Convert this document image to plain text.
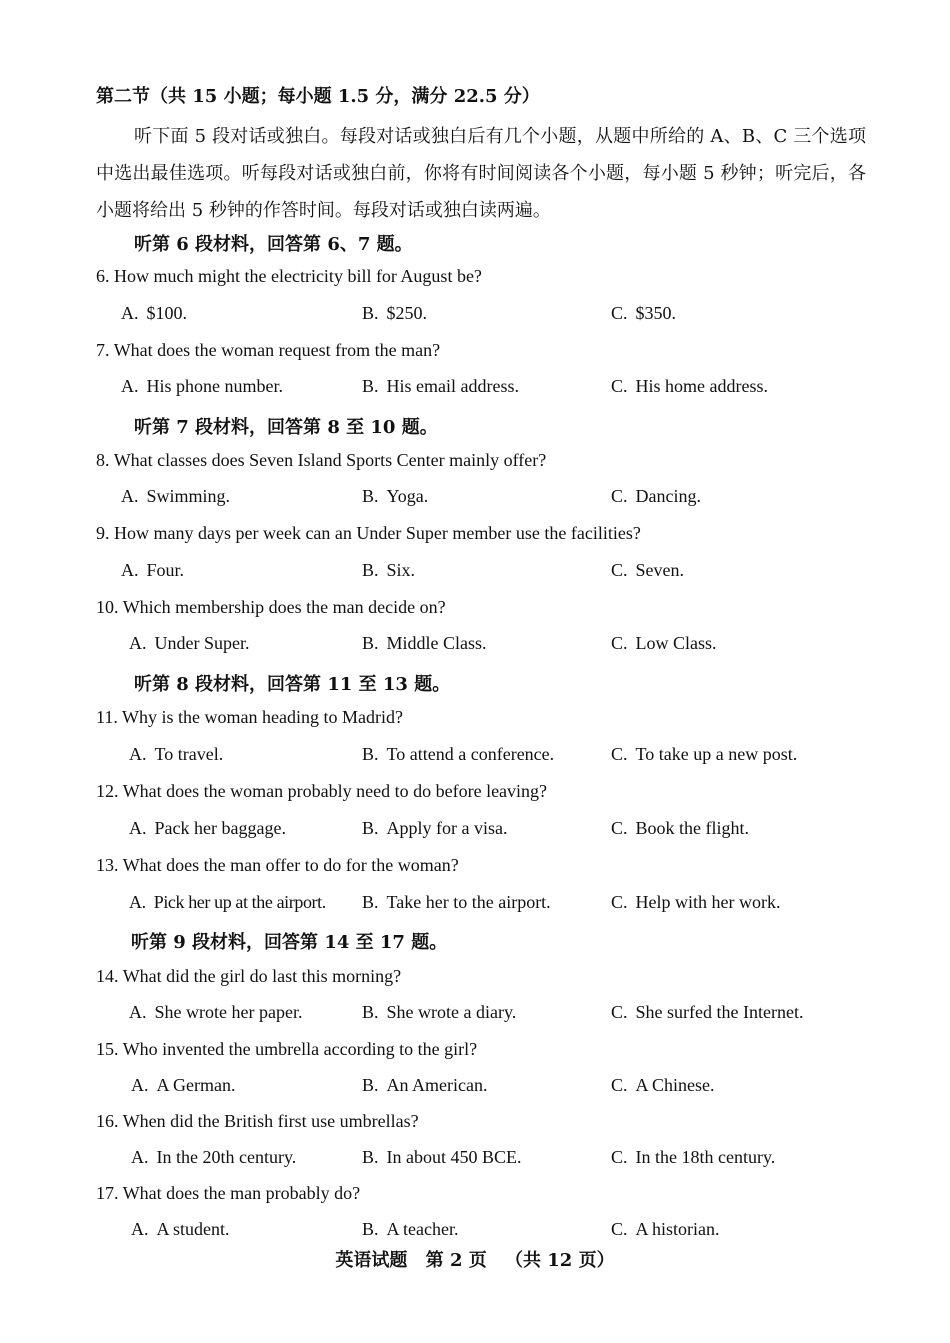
第二节（共 15 小题；每小题 1.5 分，满分 22.5 分）
听下面 5 段对话或独白。每段对话或独白后有几个小题，从题中所给的 A、B、C 三个选项中选出最佳选项。听每段对话或独白前，你将有时间阅读各个小题，每小题 5 秒钟；听完后，各小题将给出 5 秒钟的作答时间。每段对话或独白读两遍。
听第 6 段材料，回答第 6、7 题。
6. How much might the electricity bill for August be?
A. $100.	B. $250.	C. $350.
7. What does the woman request from the man?
A. His phone number.	B. His email address.	C. His home address.
听第 7 段材料，回答第 8 至 10 题。
8. What classes does Seven Island Sports Center mainly offer?
A. Swimming.	B. Yoga.	C. Dancing.
9. How many days per week can an Under Super member use the facilities?
A. Four.	B. Six.	C. Seven.
10. Which membership does the man decide on?
A. Under Super.	B. Middle Class.	C. Low Class.
听第 8 段材料，回答第 11 至 13 题。
11. Why is the woman heading to Madrid?
A. To travel.	B. To attend a conference.	C. To take up a new post.
12. What does the woman probably need to do before leaving?
A. Pack her baggage.	B. Apply for a visa.	C. Book the flight.
13. What does the man offer to do for the woman?
A. Pick her up at the airport. B. Take her to the airport.	C. Help with her work.
听第 9 段材料，回答第 14 至 17 题。
14. What did the girl do last this morning?
A. She wrote her paper.	B. She wrote a diary.	C. She surfed the Internet.
15. Who invented the umbrella according to the girl?
A. A German.	B. An American.	C. A Chinese.
16. When did the British first use umbrellas?
A. In the 20th century.	B. In about 450 BCE.	C. In the 18th century.
17. What does the man probably do?
A. A student.	B. A teacher.	C. A historian.
英语试题 第 2 页 （共 12 页）
